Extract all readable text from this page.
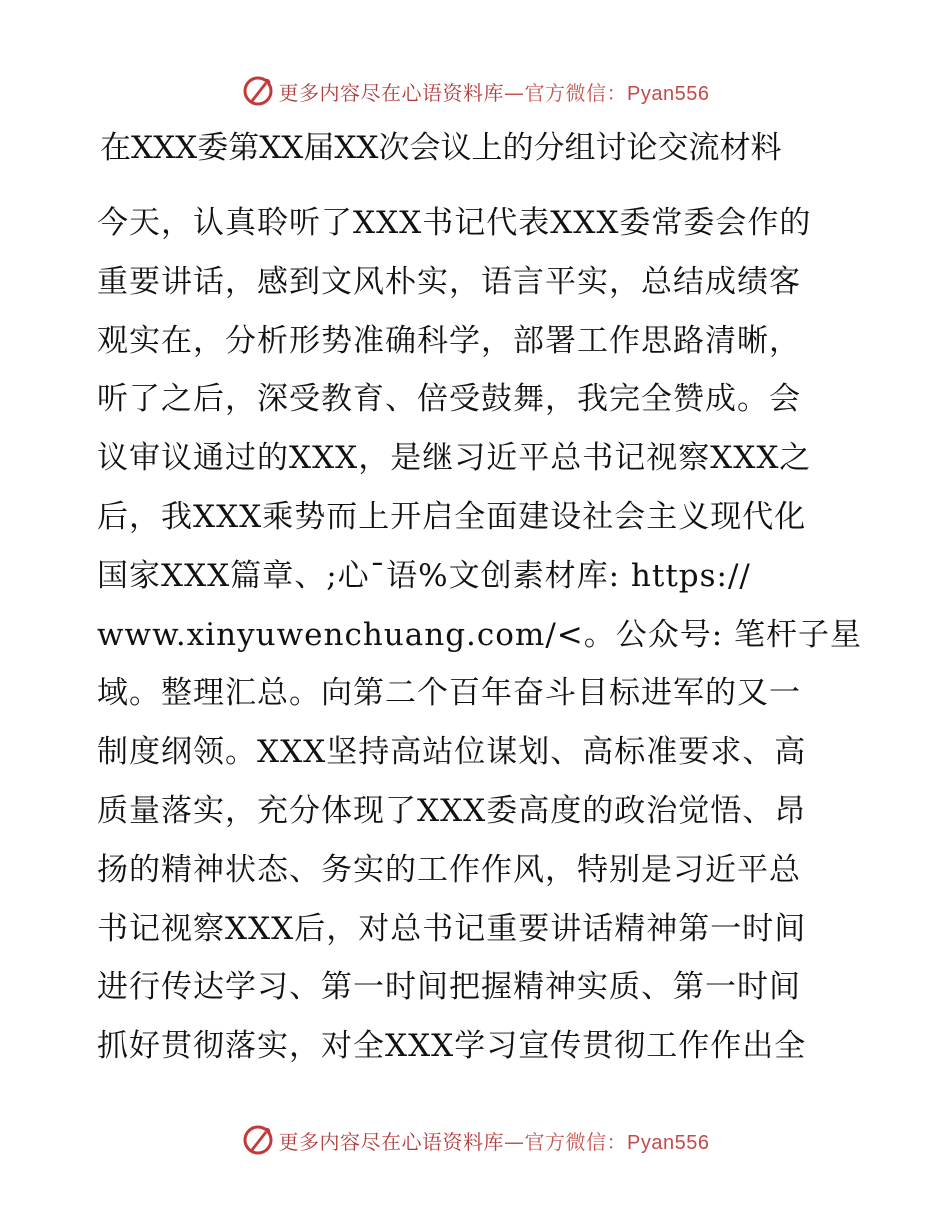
更多内容尽在心语资料库—官方微信：Pyan556
在XXX委第XX届XX次会议上的分组讨论交流材料
今天，认真聆听了XXX书记代表XXX委常委会作的
重要讲话，感到文风朴实，语言平实，总结成绩客
观实在，分析形势准确科学，部署工作思路清晰，
听了之后，深受教育、倍受鼓舞，我完全赞成。会
议审议通过的XXX，是继习近平总书记视察XXX之
后，我XXX乘势而上开启全面建设社会主义现代化
国家XXX篇章、;心¯语%文创素材库: https://
www.xinyuwenchuang.com/<。公众号: 笔杆子星
域。整理汇总。向第二个百年奋斗目标进军的又一
制度纲领。XXX坚持高站位谋划、高标准要求、高
质量落实，充分体现了XXX委高度的政治觉悟、昂
扬的精神状态、务实的工作作风，特别是习近平总
书记视察XXX后，对总书记重要讲话精神第一时间
进行传达学习、第一时间把握精神实质、第一时间
抓好贯彻落实，对全XXX学习宣传贯彻工作作出全
更多内容尽在心语资料库—官方微信：Pyan556
